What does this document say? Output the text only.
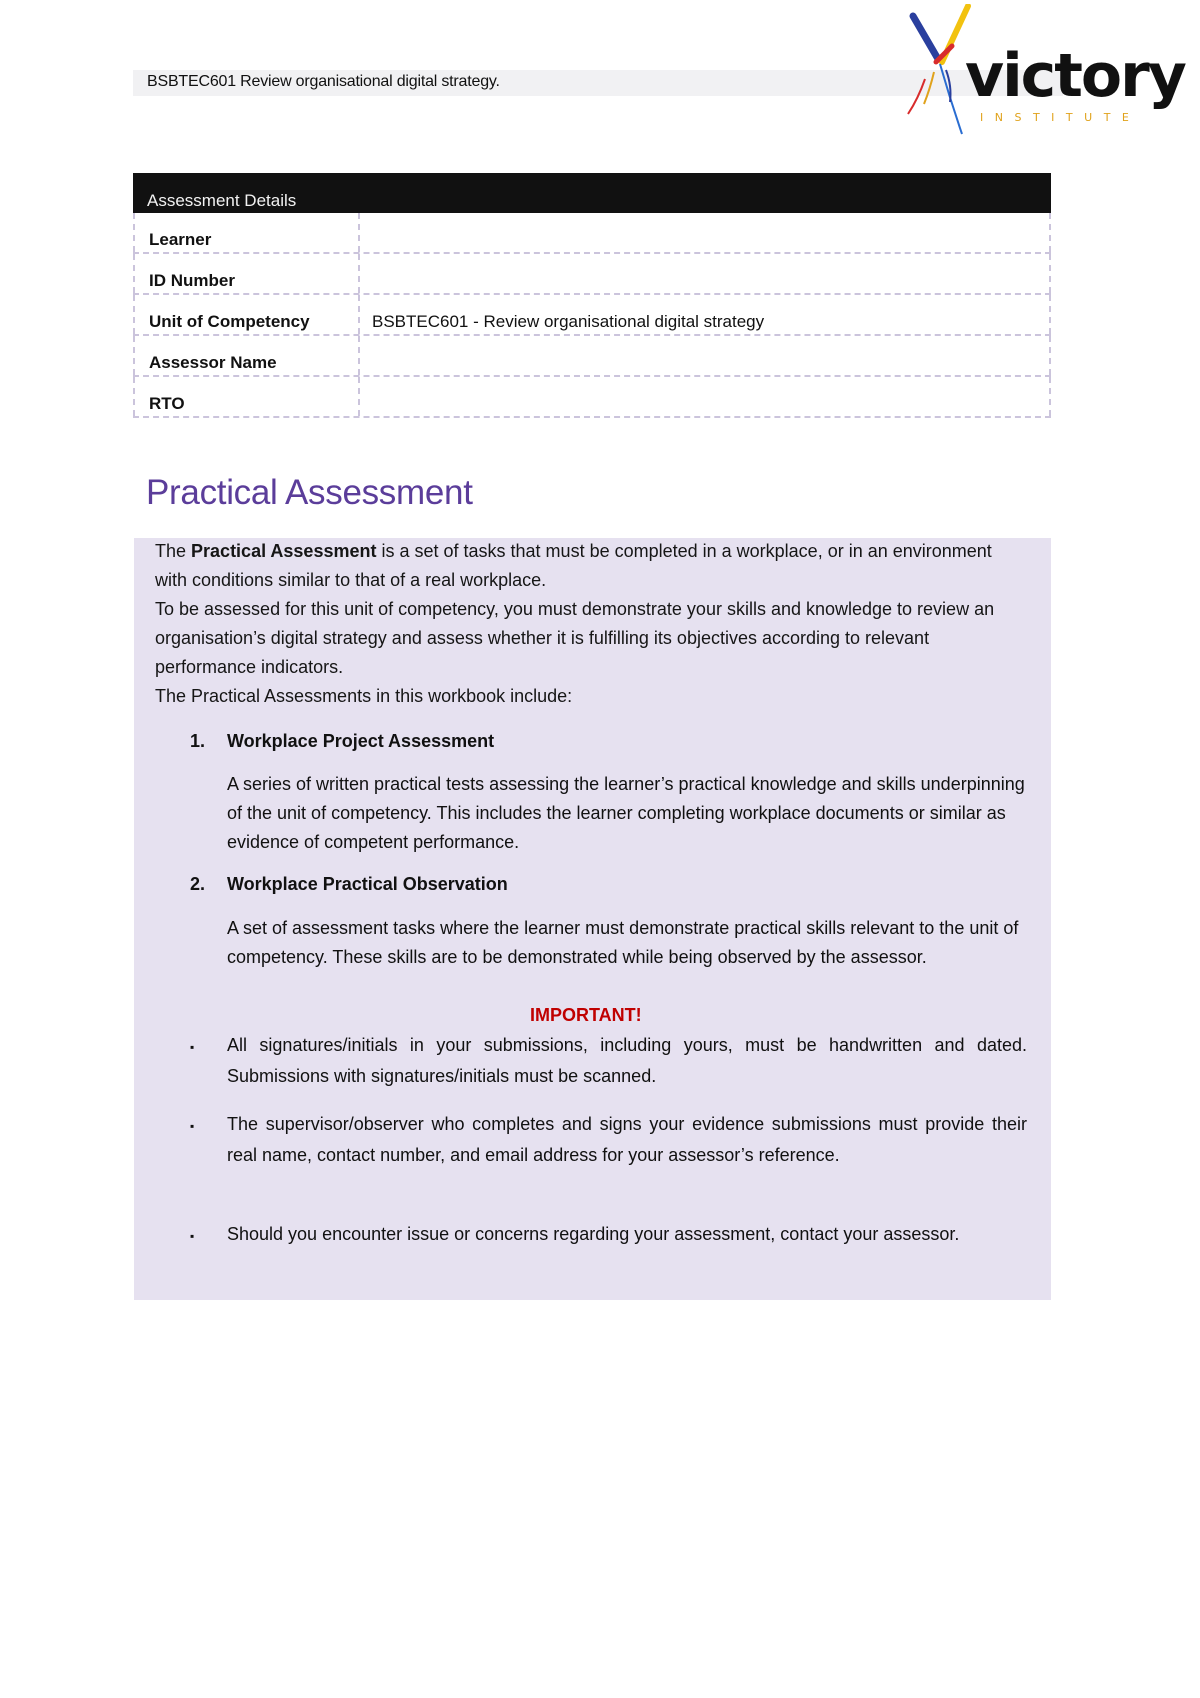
BSBTEC601 Review organisational digital strategy.	victory
INSTITUTE
Assessment Details
Learner
ID Number
Unit of Competency	BSBTEC601 - Review organisational digital strategy
Assessor Name
RTO
Practical Assessment
The Practical Assessment is a set of tasks that must be completed in a workplace, or in an environment with conditions similar to that of a real workplace.
To be assessed for this unit of competency, you must demonstrate your skills and knowledge to review an organisation’s digital strategy and assess whether it is fulfilling its objectives according to relevant performance indicators.
The Practical Assessments in this workbook include:
1. Workplace Project Assessment
A series of written practical tests assessing the learner’s practical knowledge and skills underpinning of the unit of competency. This includes the learner completing workplace documents or similar as evidence of competent performance.
2. Workplace Practical Observation
A set of assessment tasks where the learner must demonstrate practical skills relevant to the unit of competency. These skills are to be demonstrated while being observed by the assessor.
IMPORTANT!
▪ All signatures/initials in your submissions, including yours, must be handwritten and dated. Submissions with signatures/initials must be scanned.
▪ The supervisor/observer who completes and signs your evidence submissions must provide their real name, contact number, and email address for your assessor’s reference.
▪ Should you encounter issue or concerns regarding your assessment, contact your assessor.
